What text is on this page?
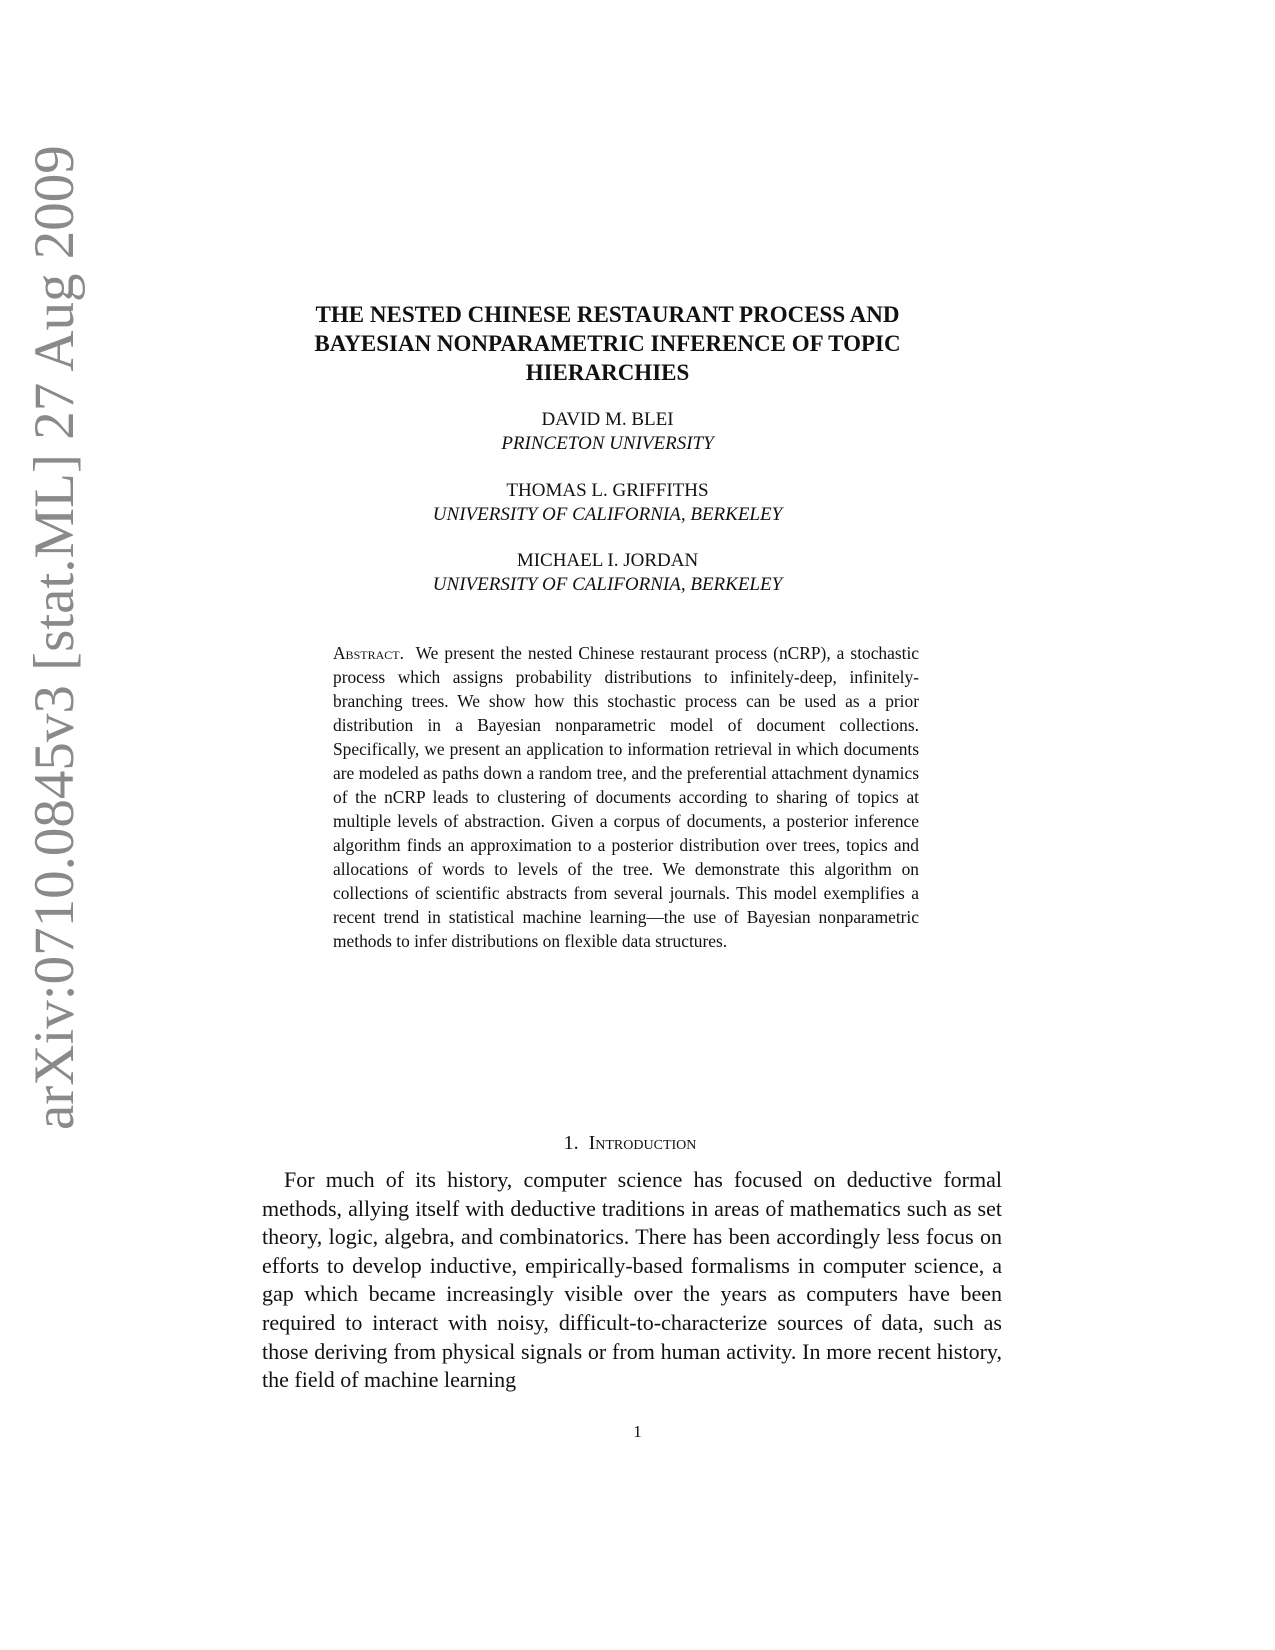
arXiv:0710.0845v3 [stat.ML] 27 Aug 2009	THE NESTED CHINESE RESTAURANT PROCESS AND BAYESIAN NONPARAMETRIC INFERENCE OF TOPIC HIERARCHIES
DAVID M. BLEI
PRINCETON UNIVERSITY
THOMAS L. GRIFFITHS
UNIVERSITY OF CALIFORNIA, BERKELEY
MICHAEL I. JORDAN
UNIVERSITY OF CALIFORNIA, BERKELEY
Abstract. We present the nested Chinese restaurant process (nCRP), a stochastic process which assigns probability distributions to infinitely-deep, infinitely-branching trees. We show how this stochastic process can be used as a prior distribution in a Bayesian nonparametric model of document collections. Specifically, we present an application to information retrieval in which documents are modeled as paths down a random tree, and the preferential attachment dynamics of the nCRP leads to clustering of documents according to sharing of topics at multiple levels of abstraction. Given a corpus of documents, a posterior inference algorithm finds an approximation to a posterior distribution over trees, topics and allocations of words to levels of the tree. We demonstrate this algorithm on collections of scientific abstracts from several journals. This model exemplifies a recent trend in statistical machine learning—the use of Bayesian nonparametric methods to infer distributions on flexible data structures.
1. Introduction
For much of its history, computer science has focused on deductive formal methods, allying itself with deductive traditions in areas of mathematics such as set theory, logic, algebra, and combinatorics. There has been accordingly less focus on efforts to develop inductive, empirically-based formalisms in computer science, a gap which became increasingly visible over the years as computers have been required to interact with noisy, difficult-to-characterize sources of data, such as those deriving from physical signals or from human activity. In more recent history, the field of machine learning
1
